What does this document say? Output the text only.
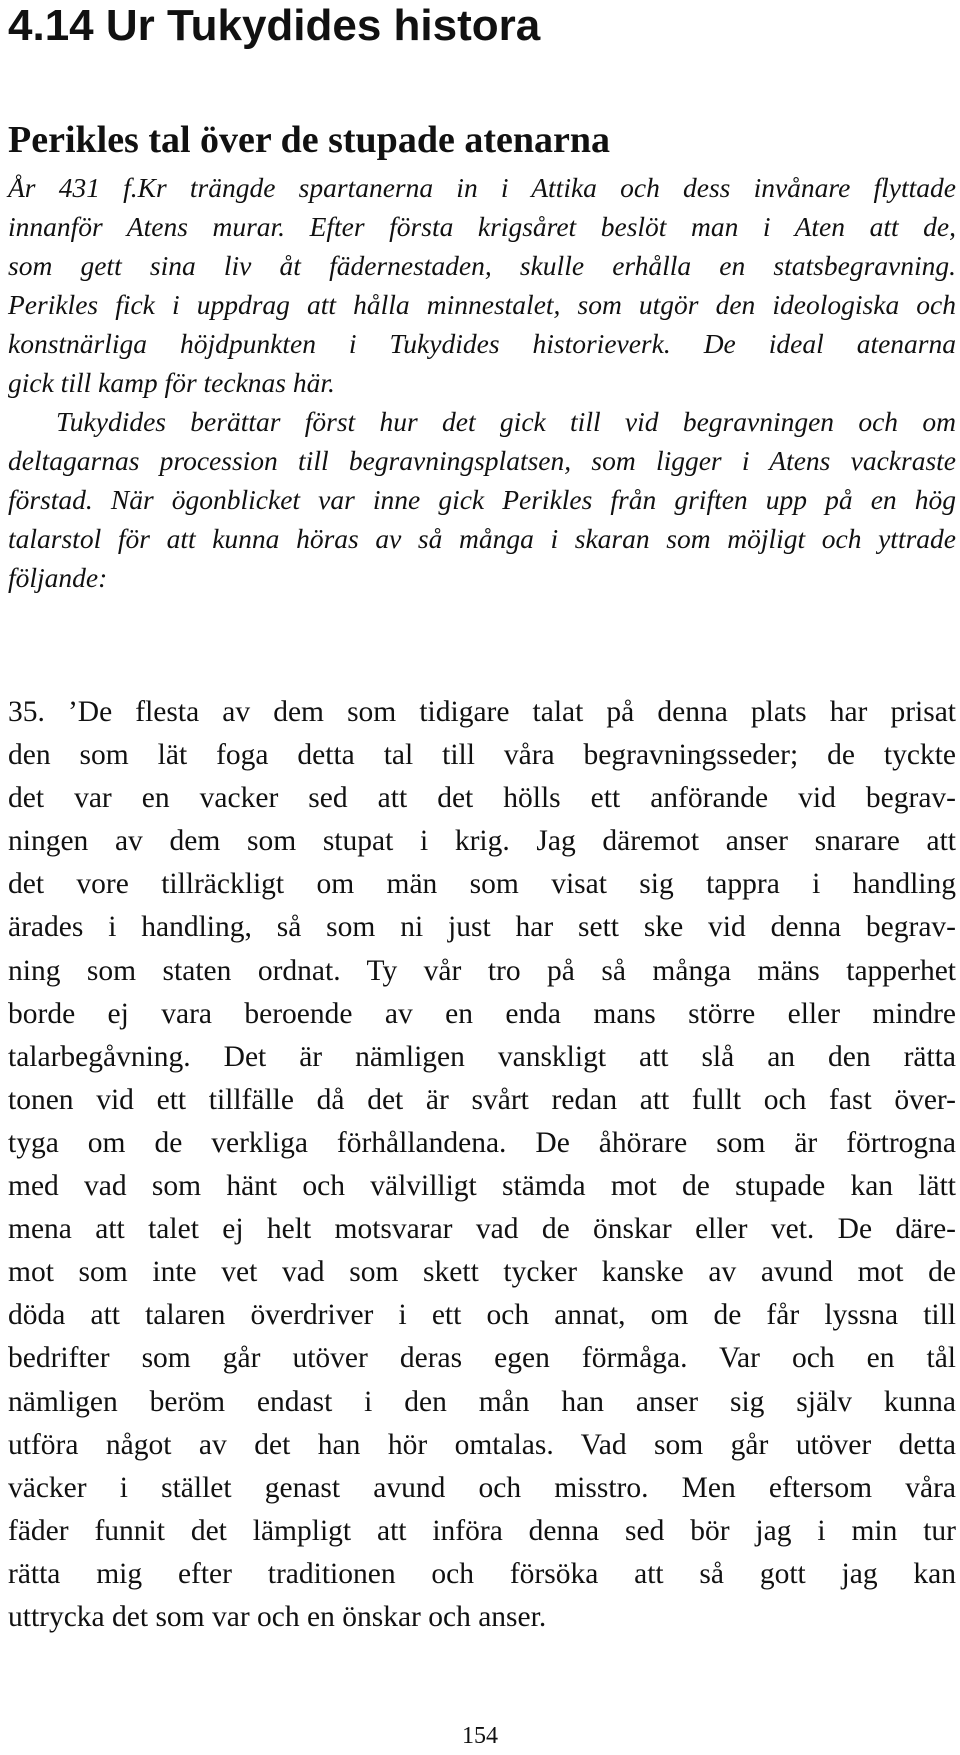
4.14 Ur Tukydides histora
Perikles tal över de stupade atenarna
År 431 f.Kr trängde spartanerna in i Attika och dess invånare flyttade
innanför Atens murar. Efter första krigsåret beslöt man i Aten att de,
som gett sina liv åt fädernestaden, skulle erhålla en statsbegravning.
Perikles fick i uppdrag att hålla minnestalet, som utgör den ideologiska och
konstnärliga höjdpunkten i Tukydides historieverk. De ideal atenarna
gick till kamp för tecknas här.
Tukydides berättar först hur det gick till vid begravningen och om
deltagarnas procession till begravningsplatsen, som ligger i Atens vackraste
förstad. När ögonblicket var inne gick Perikles från griften upp på en hög
talarstol för att kunna höras av så många i skaran som möjligt och yttrade
följande:
35. ’De flesta av dem som tidigare talat på denna plats har prisat
den som lät foga detta tal till våra begravningsseder; de tyckte
det var en vacker sed att det hölls ett anförande vid begrav-
ningen av dem som stupat i krig. Jag däremot anser snarare att
det vore tillräckligt om män som visat sig tappra i handling
ärades i handling, så som ni just har sett ske vid denna begrav-
ning som staten ordnat. Ty vår tro på så många mäns tapperhet
borde ej vara beroende av en enda mans större eller mindre
talarbegåvning. Det är nämligen vanskligt att slå an den rätta
tonen vid ett tillfälle då det är svårt redan att fullt och fast över-
tyga om de verkliga förhållandena. De åhörare som är förtrogna
med vad som hänt och välvilligt stämda mot de stupade kan lätt
mena att talet ej helt motsvarar vad de önskar eller vet. De däre-
mot som inte vet vad som skett tycker kanske av avund mot de
döda att talaren överdriver i ett och annat, om de får lyssna till
bedrifter som går utöver deras egen förmåga. Var och en tål
nämligen beröm endast i den mån han anser sig själv kunna
utföra något av det han hör omtalas. Vad som går utöver detta
väcker i stället genast avund och misstro. Men eftersom våra
fäder funnit det lämpligt att införa denna sed bör jag i min tur
rätta mig efter traditionen och försöka att så gott jag kan
uttrycka det som var och en önskar och anser.
154
